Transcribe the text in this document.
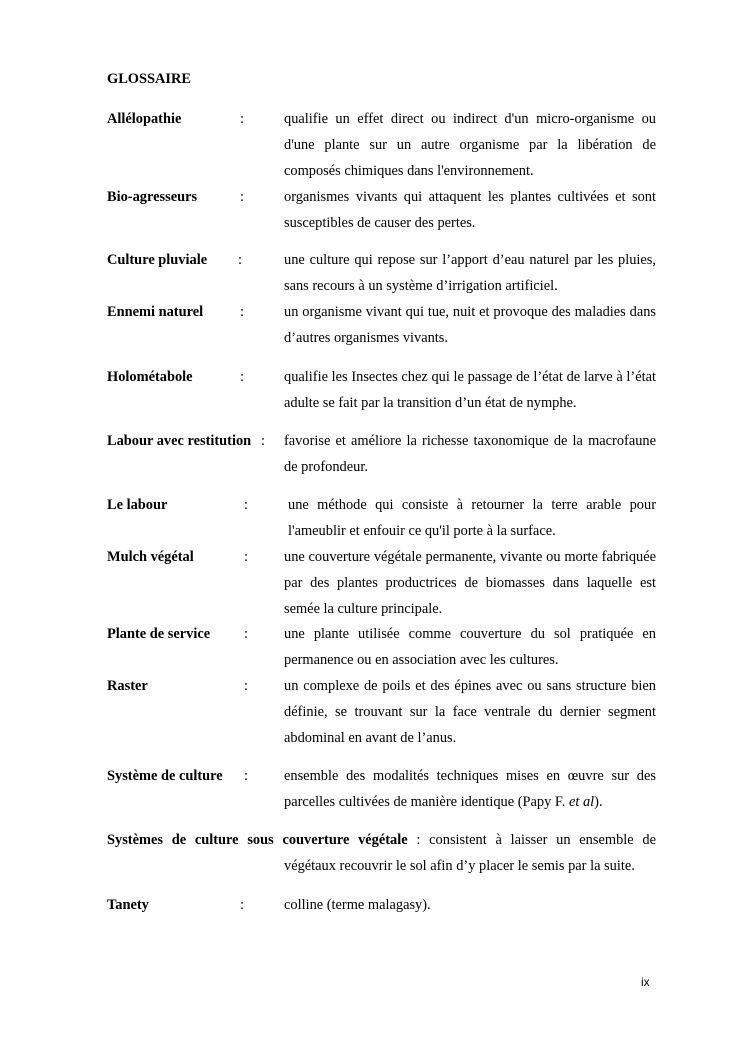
GLOSSAIRE
Allélopathie	:	qualifie un effet direct ou indirect d'un micro-organisme ou d'une plante sur un autre organisme par la libération de composés chimiques dans l'environnement.
Bio-agresseurs	:	organismes vivants qui attaquent les plantes cultivées et sont susceptibles de causer des pertes.
Culture pluviale :	une culture qui repose sur l’apport d’eau naturel par les pluies, sans recours à un système d’irrigation artificiel.
Ennemi naturel	:	un organisme vivant qui tue, nuit et provoque des maladies dans d’autres organismes vivants.
Holométabole	:	qualifie les Insectes chez qui le passage de l’état de larve à l’état adulte se fait par la transition d’un état de nymphe.
Labour avec restitution : favorise et améliore la richesse taxonomique de la macrofaune de profondeur.
Le labour	:	une méthode qui consiste à retourner la terre arable pour l'ameublir et enfouir ce qu'il porte à la surface.
Mulch végétal	:	une couverture végétale permanente, vivante ou morte fabriquée par des plantes productrices de biomasses dans laquelle est semée la culture principale.
Plante de service :	une plante utilisée comme couverture du sol pratiquée en permanence ou en association avec les cultures.
Raster	:	un complexe de poils et des épines avec ou sans structure bien définie, se trouvant sur la face ventrale du dernier segment abdominal en avant de l’anus.
Système de culture :	ensemble des modalités techniques mises en œuvre sur des parcelles cultivées de manière identique (Papy F. et al).
Systèmes de culture sous couverture végétale : consistent à laisser un ensemble de
végétaux recouvrir le sol afin d’y placer le semis par la suite.
Tanety	:	colline (terme malagasy).
ix
